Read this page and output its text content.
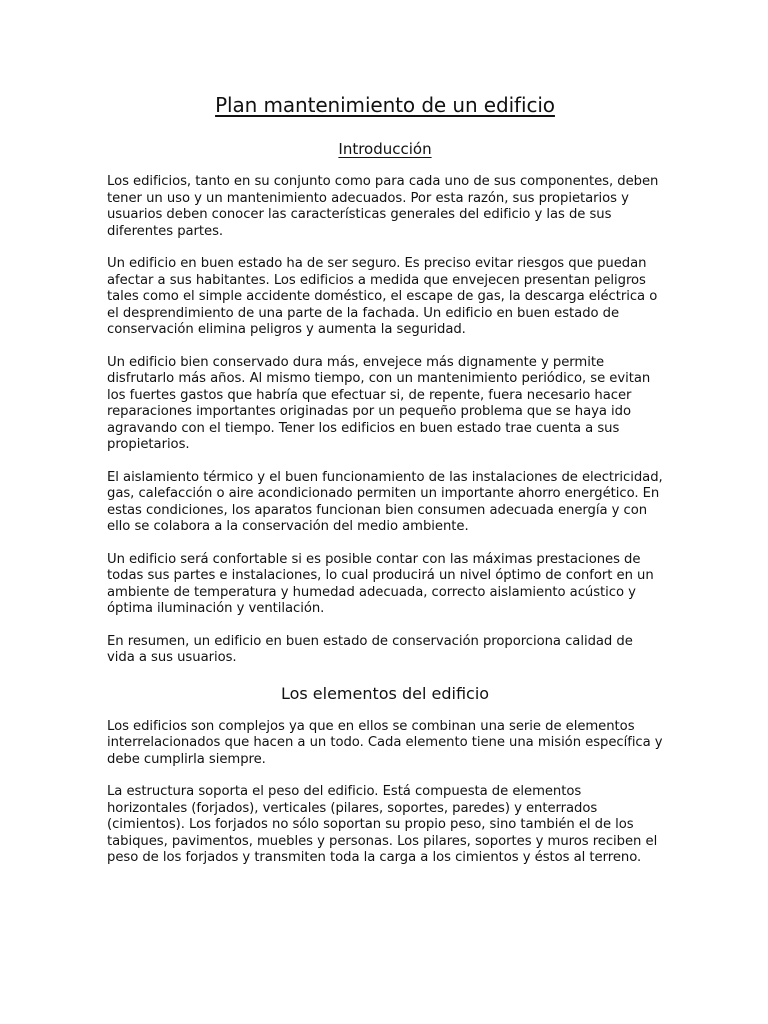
Plan mantenimiento de un edificio
Introducción

Los edificios, tanto en su conjunto como para cada uno de sus componentes, deben tener un uso y un mantenimiento adecuados. Por esta razón, sus propietarios y usuarios deben conocer las características generales del edificio y las de sus diferentes partes.

Un edificio en buen estado ha de ser seguro. Es preciso evitar riesgos que puedan afectar a sus habitantes. Los edificios a medida que envejecen presentan peligros tales como el simple accidente doméstico, el escape de gas, la descarga eléctrica o el desprendimiento de una parte de la fachada. Un edificio en buen estado de conservación elimina peligros y aumenta la seguridad.

Un edificio bien conservado dura más, envejece más dignamente y permite disfrutarlo más años. Al mismo tiempo, con un mantenimiento periódico, se evitan los fuertes gastos que habría que efectuar si, de repente, fuera necesario hacer reparaciones importantes originadas por un pequeño problema que se haya ido agravando con el tiempo. Tener los edificios en buen estado trae cuenta a sus propietarios.

El aislamiento térmico y el buen funcionamiento de las instalaciones de electricidad, gas, calefacción o aire acondicionado permiten un importante ahorro energético. En estas condiciones, los aparatos funcionan bien consumen adecuada energía y con ello se colabora a la conservación del medio ambiente.

Un edificio será confortable si es posible contar con las máximas prestaciones de todas sus partes e instalaciones, lo cual producirá un nivel óptimo de confort en un ambiente de temperatura y humedad adecuada, correcto aislamiento acústico y óptima iluminación y ventilación.

En resumen, un edificio en buen estado de conservación proporciona calidad de vida a sus usuarios.

Los elementos del edificio

Los edificios son complejos ya que en ellos se combinan una serie de elementos interrelacionados que hacen a un todo. Cada elemento tiene una misión específica y debe cumplirla siempre.

La estructura soporta el peso del edificio. Está compuesta de elementos horizontales (forjados), verticales (pilares, soportes, paredes) y enterrados (cimientos). Los forjados no sólo soportan su propio peso, sino también el de los tabiques, pavimentos, muebles y personas. Los pilares, soportes y muros reciben el peso de los forjados y transmiten toda la carga a los cimientos y éstos al terreno.
